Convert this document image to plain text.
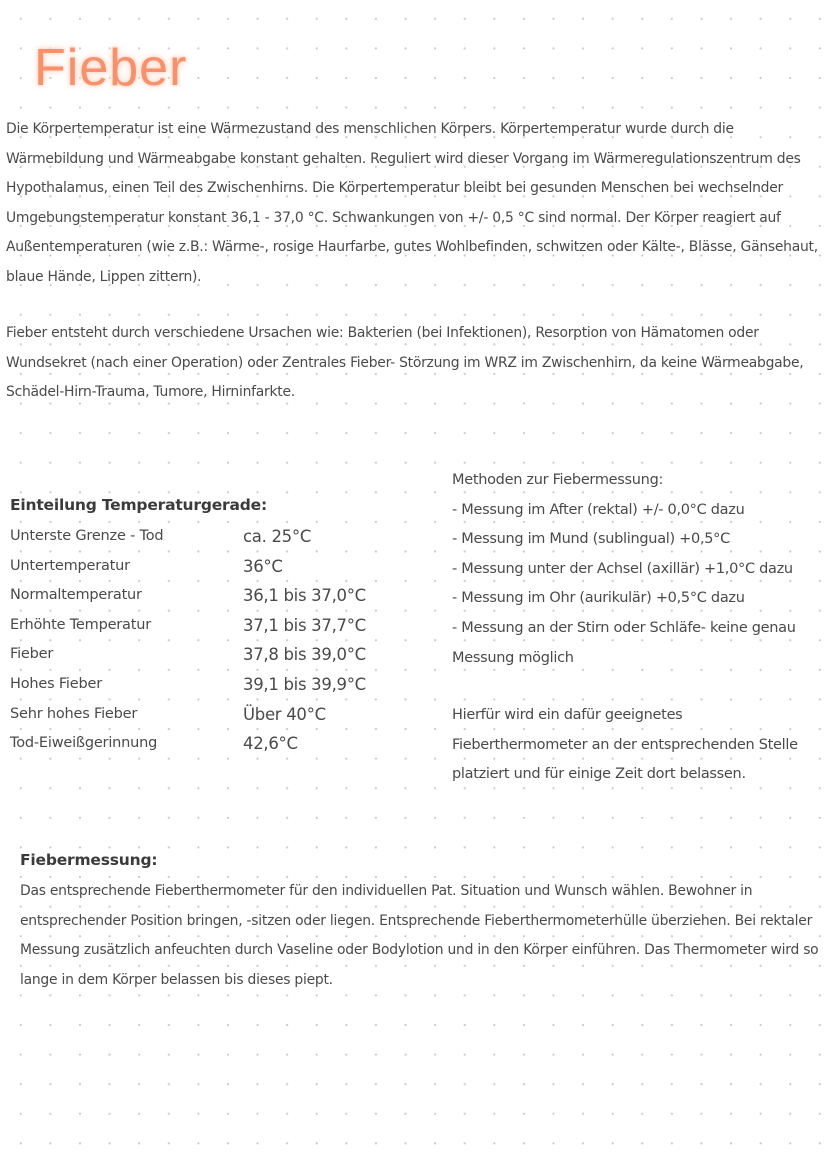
Fieber

Die Körpertemperatur ist eine Wärmezustand des menschlichen Körpers. Körpertemperatur wurde durch die Wärmebildung und Wärmeabgabe konstant gehalten. Reguliert wird dieser Vorgang im Wärmeregulationszentrum des Hypothalamus, einen Teil des Zwischenhirns. Die Körpertemperatur bleibt bei gesunden Menschen bei wechselnder Umgebungstemperatur konstant 36,1 - 37,0 °C. Schwankungen von +/- 0,5 °C sind normal. Der Körper reagiert auf Außentemperaturen (wie z.B.: Wärme-, rosige Haurfarbe, gutes Wohlbefinden, schwitzen oder Kälte-, Blässe, Gänsehaut, blaue Hände, Lippen zittern).

Fieber entsteht durch verschiedene Ursachen wie: Bakterien (bei Infektionen), Resorption von Hämatomen oder Wundsekret (nach einer Operation) oder Zentrales Fieber- Störzung im WRZ im Zwischenhirn, da keine Wärmeabgabe, Schädel-Hirn-Trauma, Tumore, Hirninfarkte.

Einteilung Temperaturgerade:
Unterste Grenze - Tod	ca. 25°C
Untertemperatur	36°C
Normaltemperatur	36,1 bis 37,0°C
Erhöhte Temperatur	37,1 bis 37,7°C
Fieber	37,8 bis 39,0°C
Hohes Fieber	39,1 bis 39,9°C
Sehr hohes Fieber	Über 40°C
Tod-Eiweißgerinnung	42,6°C
Methoden zur Fiebermessung:
- Messung im After (rektal) +/- 0,0°C dazu
- Messung im Mund (sublingual) +0,5°C
- Messung unter der Achsel (axillär) +1,0°C dazu
- Messung im Ohr (aurikulär) +0,5°C dazu
- Messung an der Stirn oder Schläfe- keine genau
Messung möglich
Hierfür wird ein dafür geeignetes
Fieberthermometer an der entsprechenden Stelle
platziert und für einige Zeit dort belassen.
Fiebermessung:

Das entsprechende Fieberthermometer für den individuellen Pat. Situation und Wunsch wählen. Bewohner in entsprechender Position bringen, -sitzen oder liegen. Entsprechende Fieberthermometerhülle überziehen. Bei rektaler Messung zusätzlich anfeuchten durch Vaseline oder Bodylotion und in den Körper einführen. Das Thermometer wird so lange in dem Körper belassen bis dieses piept.
